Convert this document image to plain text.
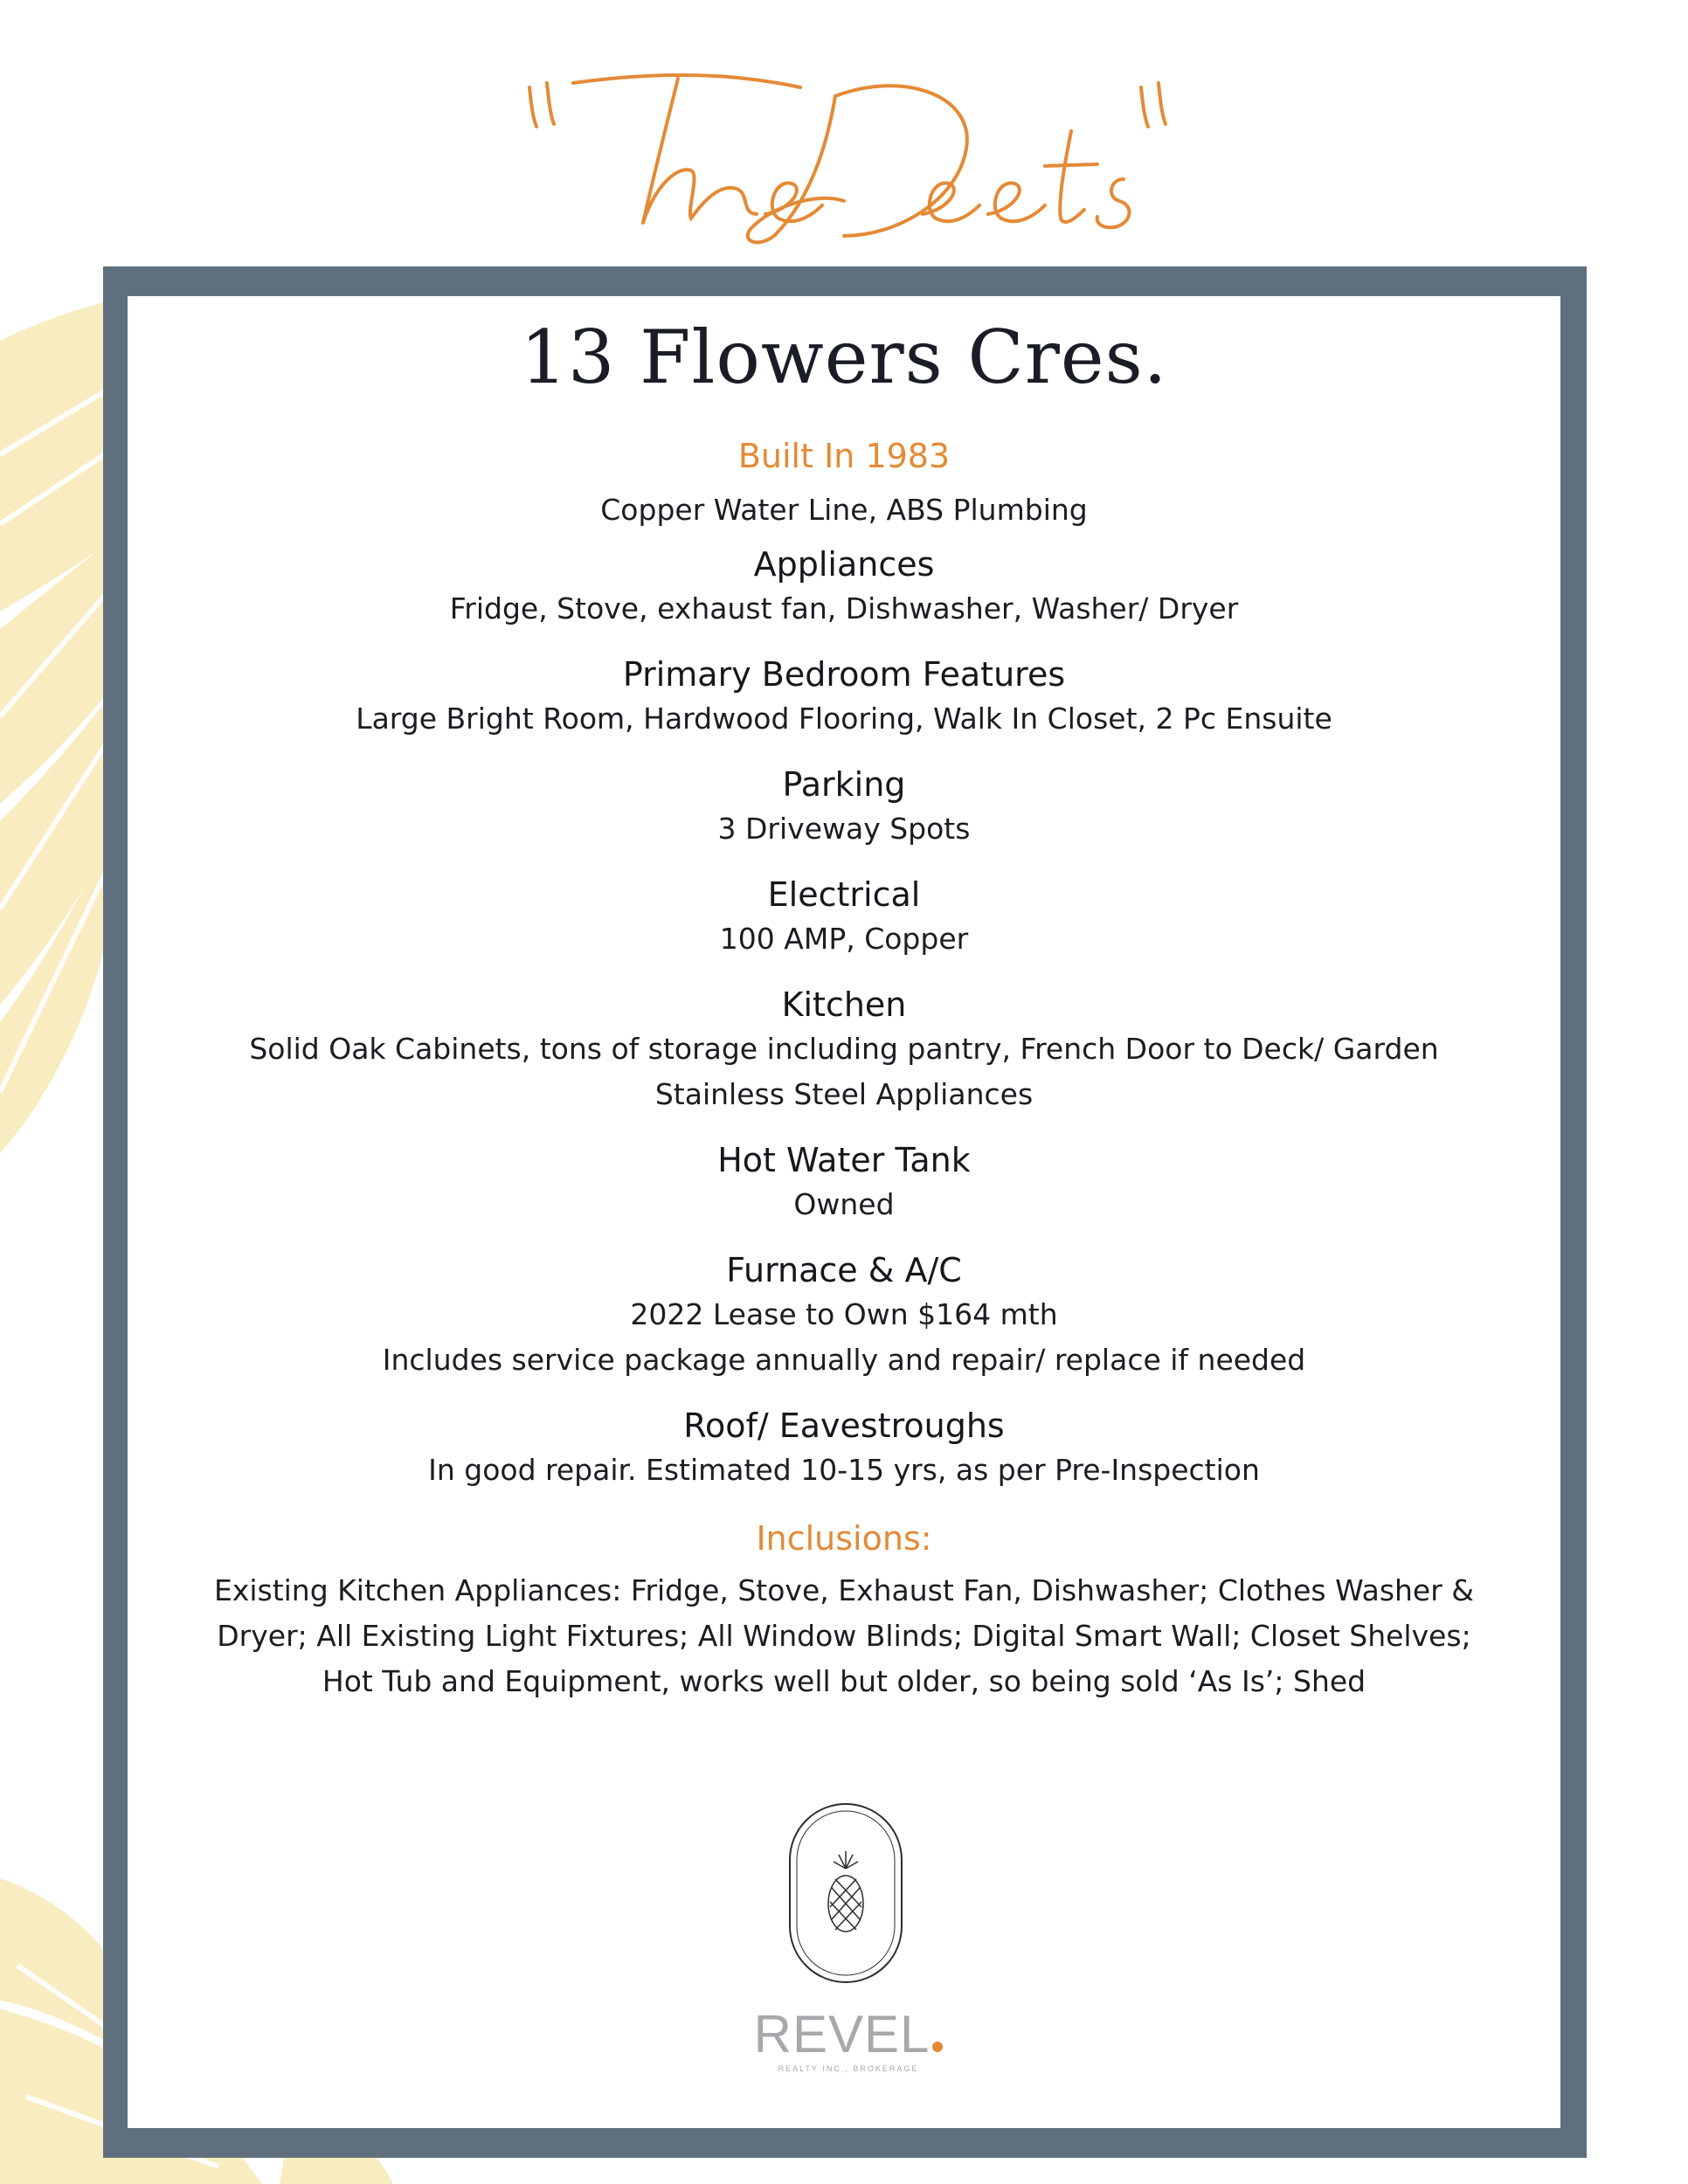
13 Flowers Cres.
Built In 1983
Copper Water Line, ABS Plumbing
Appliances
Fridge, Stove, exhaust fan, Dishwasher, Washer/ Dryer
Primary Bedroom Features
Large Bright Room, Hardwood Flooring, Walk In Closet, 2 Pc Ensuite
Parking
3 Driveway Spots
Electrical
100 AMP, Copper
Kitchen
Solid Oak Cabinets, tons of storage including pantry, French Door to Deck/ Garden
Stainless Steel Appliances
Hot Water Tank
Owned
Furnace & A/C
2022 Lease to Own $164 mth
Includes service package annually and repair/ replace if needed
Roof/ Eavestroughs
In good repair. Estimated 10-15 yrs, as per Pre-Inspection
Inclusions:
Existing Kitchen Appliances: Fridge, Stove, Exhaust Fan, Dishwasher; Clothes Washer & Dryer; All Existing Light Fixtures; All Window Blinds; Digital Smart Wall; Closet Shelves; Hot Tub and Equipment, works well but older, so being sold ‘As Is’; Shed
REVEL
REALTY INC., BROKERAGE
